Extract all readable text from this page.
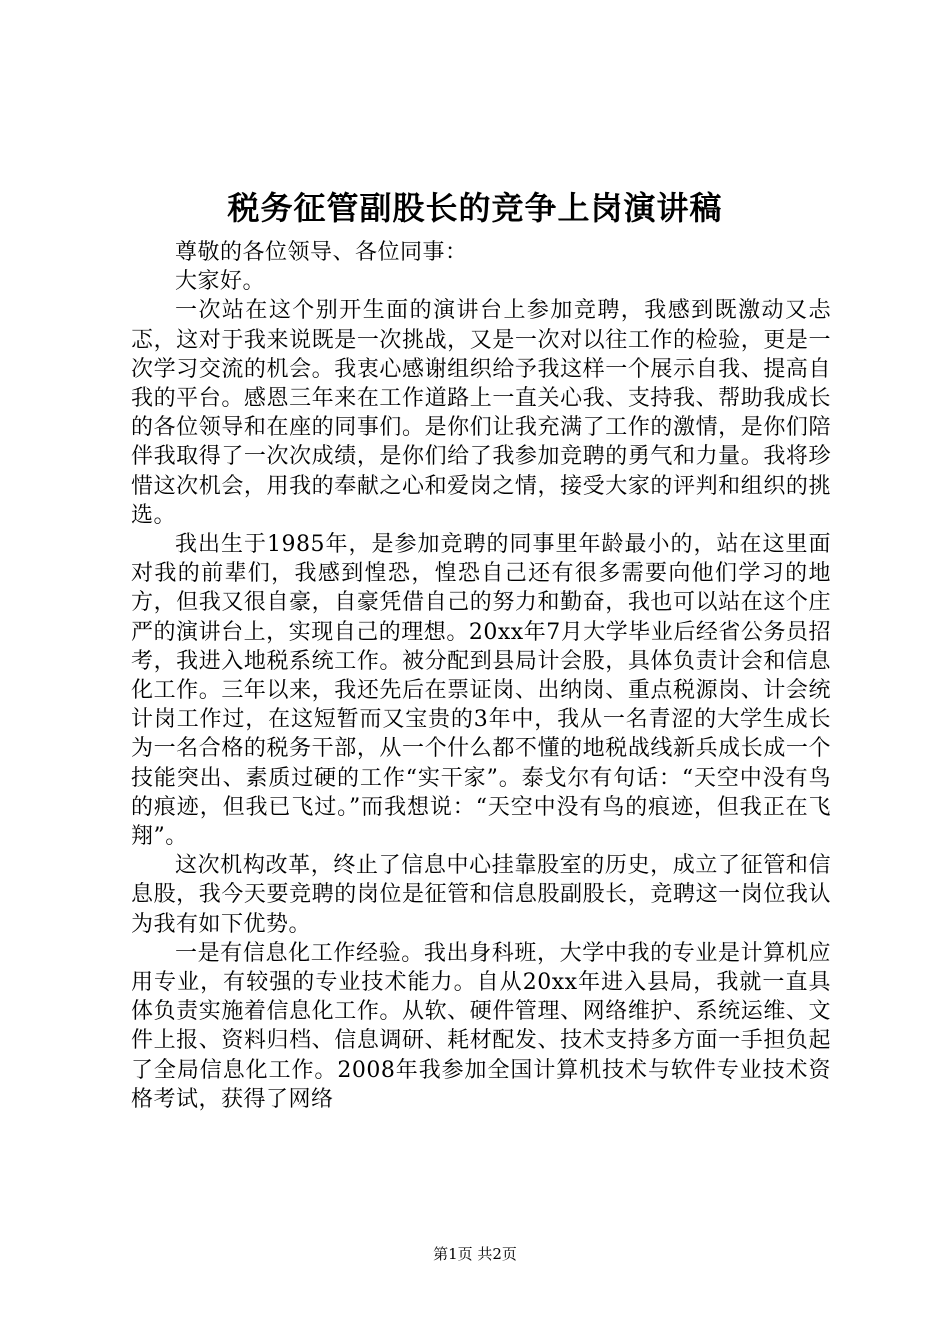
税务征管副股长的竞争上岗演讲稿

尊敬的各位领导、各位同事：

大家好。

一次站在这个别开生面的演讲台上参加竞聘，我感到既激动又忐忑，这对于我来说既是一次挑战，又是一次对以往工作的检验，更是一次学习交流的机会。我衷心感谢组织给予我这样一个展示自我、提高自我的平台。感恩三年来在工作道路上一直关心我、支持我、帮助我成长的各位领导和在座的同事们。是你们让我充满了工作的激情，是你们陪伴我取得了一次次成绩，是你们给了我参加竞聘的勇气和力量。我将珍惜这次机会，用我的奉献之心和爱岗之情，接受大家的评判和组织的挑选。

我出生于1985年，是参加竞聘的同事里年龄最小的，站在这里面对我的前辈们，我感到惶恐，惶恐自己还有很多需要向他们学习的地方，但我又很自豪，自豪凭借自己的努力和勤奋，我也可以站在这个庄严的演讲台上，实现自己的理想。20xx年7月大学毕业后经省公务员招考，我进入地税系统工作。被分配到县局计会股，具体负责计会和信息化工作。三年以来，我还先后在票证岗、出纳岗、重点税源岗、计会统计岗工作过，在这短暂而又宝贵的3年中，我从一名青涩的大学生成长为一名合格的税务干部，从一个什么都不懂的地税战线新兵成长成一个技能突出、素质过硬的工作“实干家”。泰戈尔有句话：“天空中没有鸟的痕迹，但我已飞过。”而我想说：“天空中没有鸟的痕迹，但我正在飞翔”。

这次机构改革，终止了信息中心挂靠股室的历史，成立了征管和信息股，我今天要竞聘的岗位是征管和信息股副股长，竞聘这一岗位我认为我有如下优势。

一是有信息化工作经验。我出身科班，大学中我的专业是计算机应用专业，有较强的专业技术能力。自从20xx年进入县局，我就一直具体负责实施着信息化工作。从软、硬件管理、网络维护、系统运维、文件上报、资料归档、信息调研、耗材配发、技术支持多方面一手担负起了全局信息化工作。2008年我参加全国计算机技术与软件专业技术资格考试，获得了网络

第1页 共2页
